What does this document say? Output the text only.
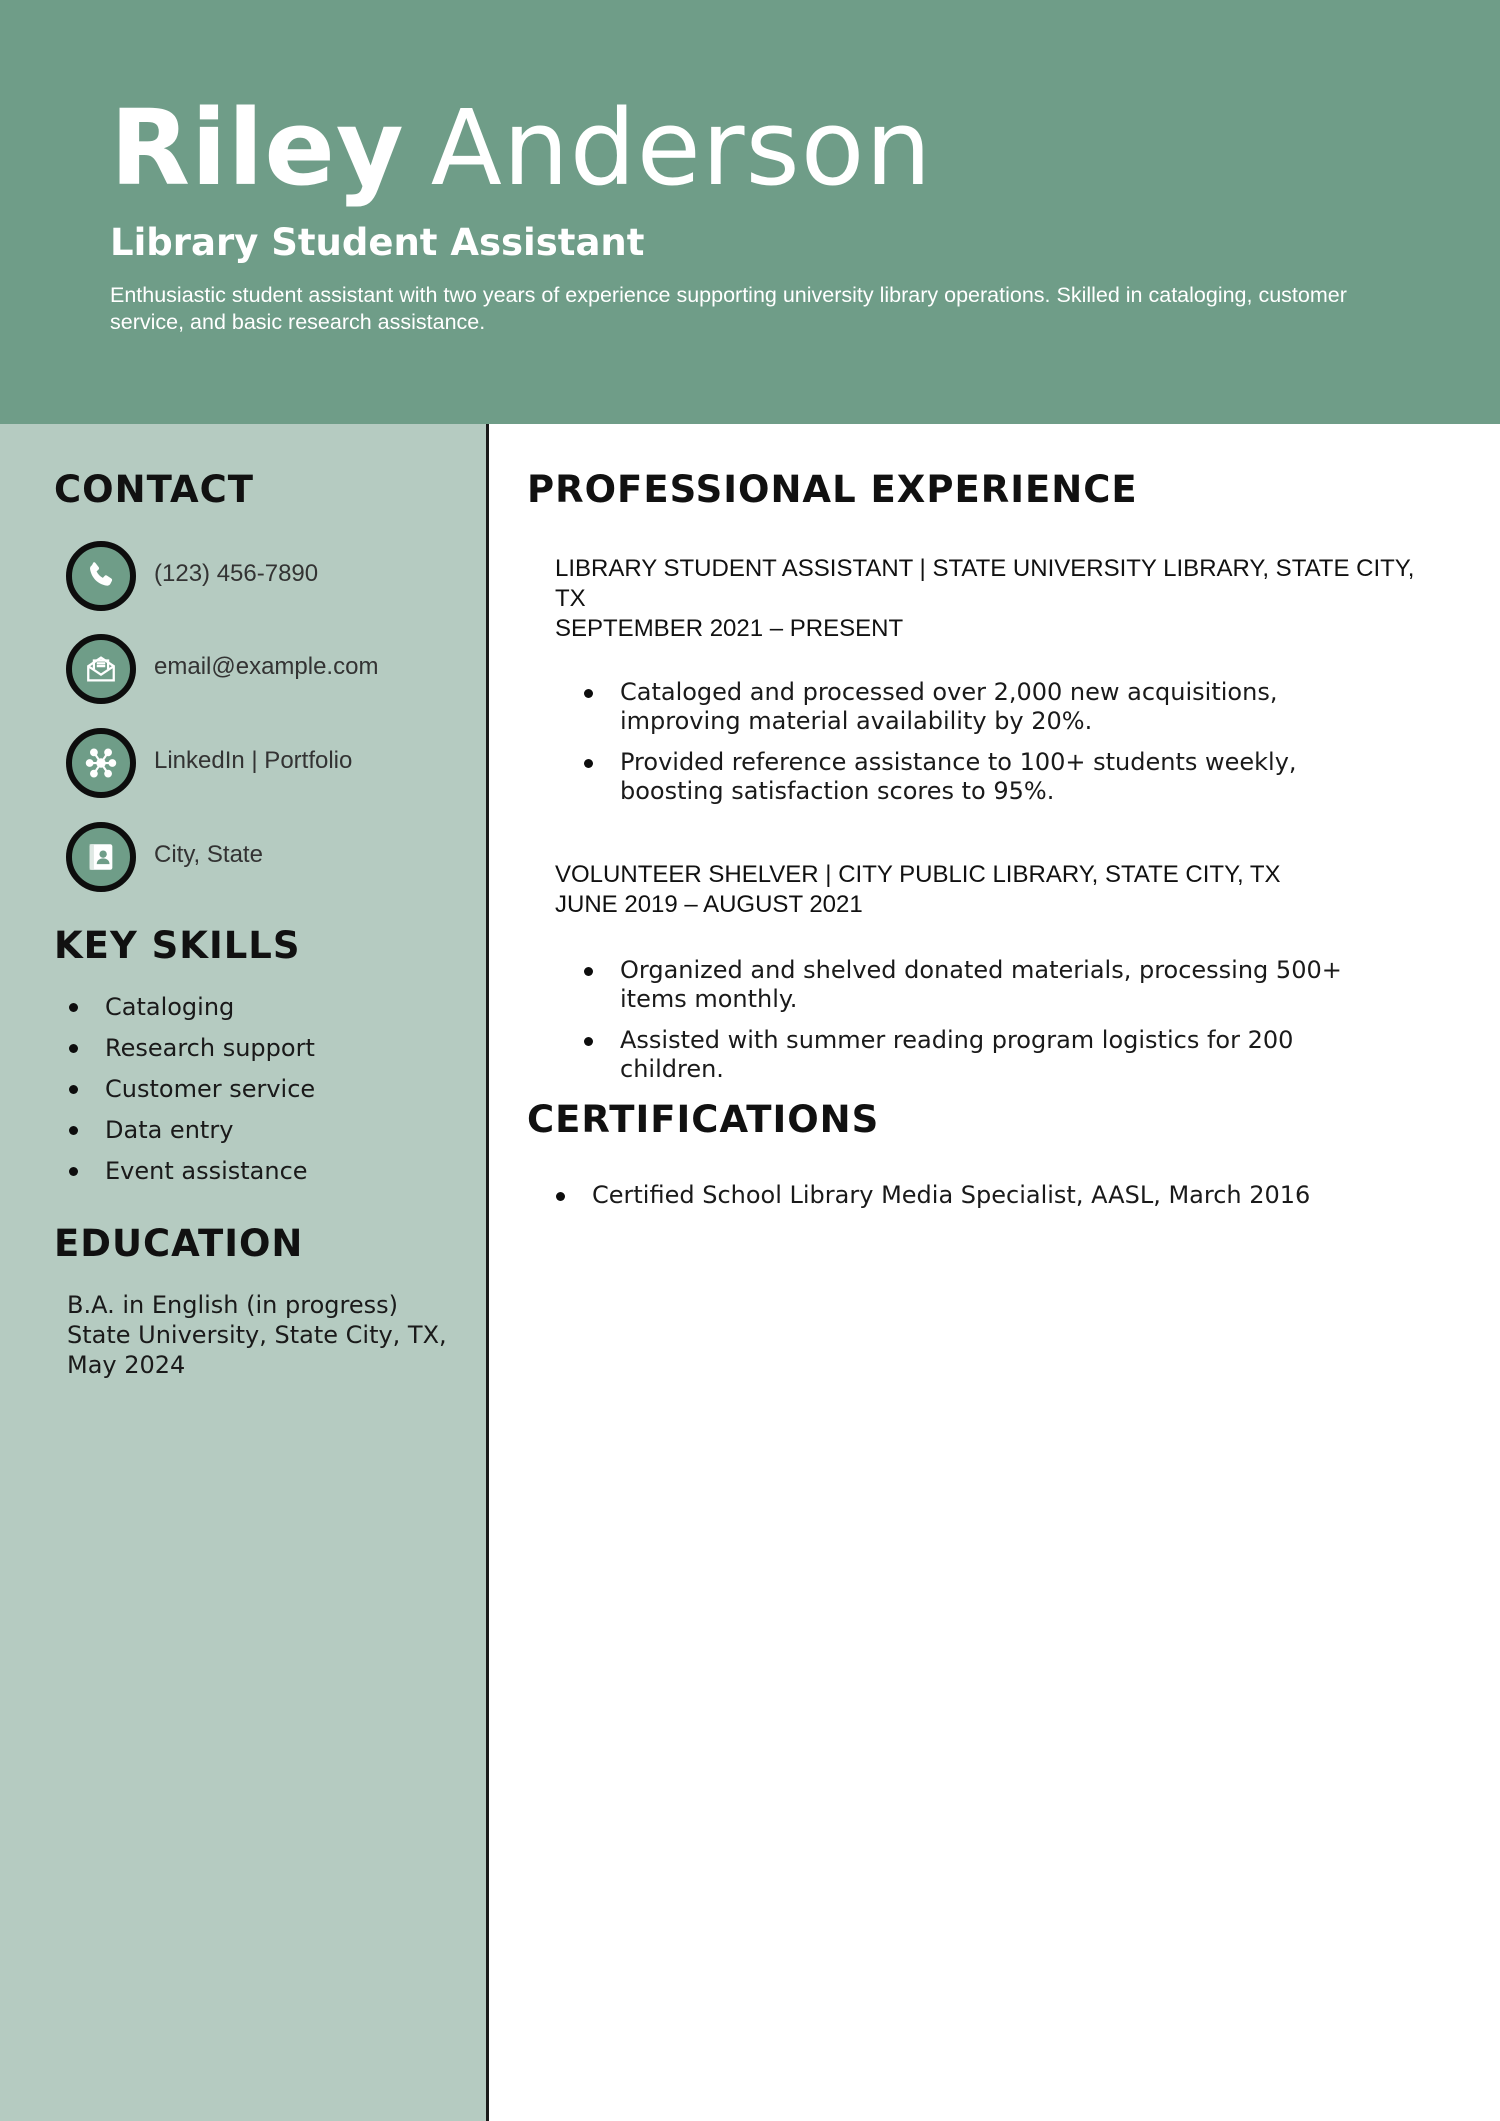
Riley Anderson
Library Student Assistant
Enthusiastic student assistant with two years of experience supporting university library operations. Skilled in cataloging, customer service, and basic research assistance.
CONTACT
(123) 456-7890
email@example.com
LinkedIn | Portfolio
City, State
KEY SKILLS
Cataloging
Research support
Customer service
Data entry
Event assistance
EDUCATION
B.A. in English (in progress)
State University, State City, TX,
May 2024
PROFESSIONAL EXPERIENCE
LIBRARY STUDENT ASSISTANT | STATE UNIVERSITY LIBRARY, STATE CITY, TX
SEPTEMBER 2021 – PRESENT
Cataloged and processed over 2,000 new acquisitions, improving material availability by 20%.
Provided reference assistance to 100+ students weekly, boosting satisfaction scores to 95%.
VOLUNTEER SHELVER | CITY PUBLIC LIBRARY, STATE CITY, TX
JUNE 2019 – AUGUST 2021
Organized and shelved donated materials, processing 500+ items monthly.
Assisted with summer reading program logistics for 200 children.
CERTIFICATIONS
Certified School Library Media Specialist, AASL, March 2016
